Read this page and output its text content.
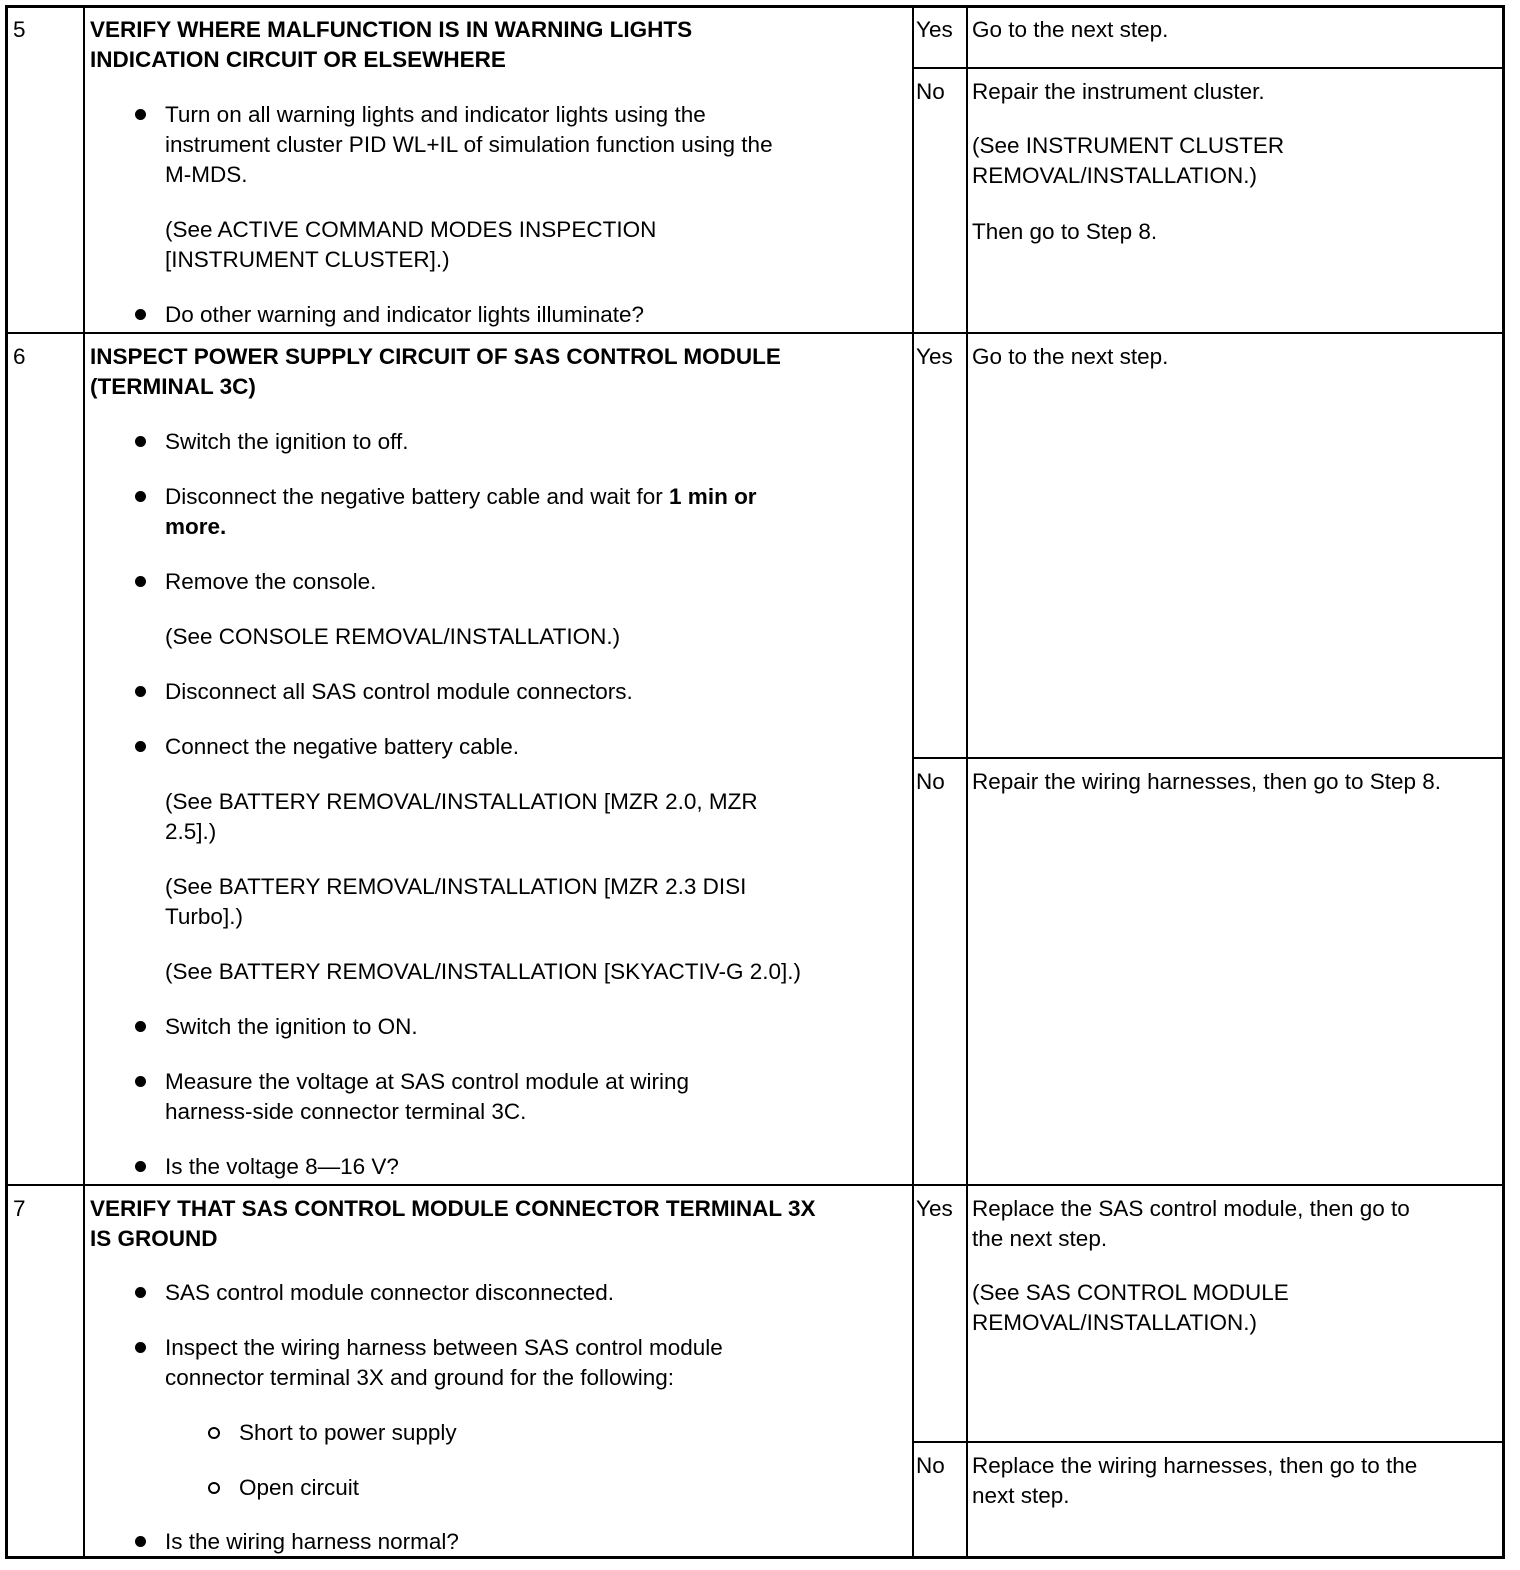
5	VERIFY WHERE MALFUNCTION IS IN WARNING LIGHTS
INDICATION CIRCUIT OR ELSEWHERE
Turn on all warning lights and indicator lights using the
instrument cluster PID WL+IL of simulation function using the
M-MDS.
(See ACTIVE COMMAND MODES INSPECTION
[INSTRUMENT CLUSTER].)
Do other warning and indicator lights illuminate?
Yes Go to the next step.
No Repair the instrument cluster.
(See INSTRUMENT CLUSTER
REMOVAL/INSTALLATION.)
Then go to Step 8.
6	INSPECT POWER SUPPLY CIRCUIT OF SAS CONTROL MODULE
(TERMINAL 3C)
Switch the ignition to off.
Disconnect the negative battery cable and wait for 1 min or
more.
Remove the console.
(See CONSOLE REMOVAL/INSTALLATION.)
Disconnect all SAS control module connectors.
Connect the negative battery cable.
(See BATTERY REMOVAL/INSTALLATION [MZR 2.0, MZR
2.5].)
(See BATTERY REMOVAL/INSTALLATION [MZR 2.3 DISI
Turbo].)
(See BATTERY REMOVAL/INSTALLATION [SKYACTIV-G 2.0].)
Switch the ignition to ON.
Measure the voltage at SAS control module at wiring
harness-side connector terminal 3C.
Is the voltage 8—16 V?
Yes Go to the next step.
No Repair the wiring harnesses, then go to Step 8.
7	VERIFY THAT SAS CONTROL MODULE CONNECTOR TERMINAL 3X
IS GROUND
SAS control module connector disconnected.
Inspect the wiring harness between SAS control module
connector terminal 3X and ground for the following:
Short to power supply
Open circuit
Is the wiring harness normal?
Yes Replace the SAS control module, then go to
the next step.
(See SAS CONTROL MODULE
REMOVAL/INSTALLATION.)
No Replace the wiring harnesses, then go to the
next step.
